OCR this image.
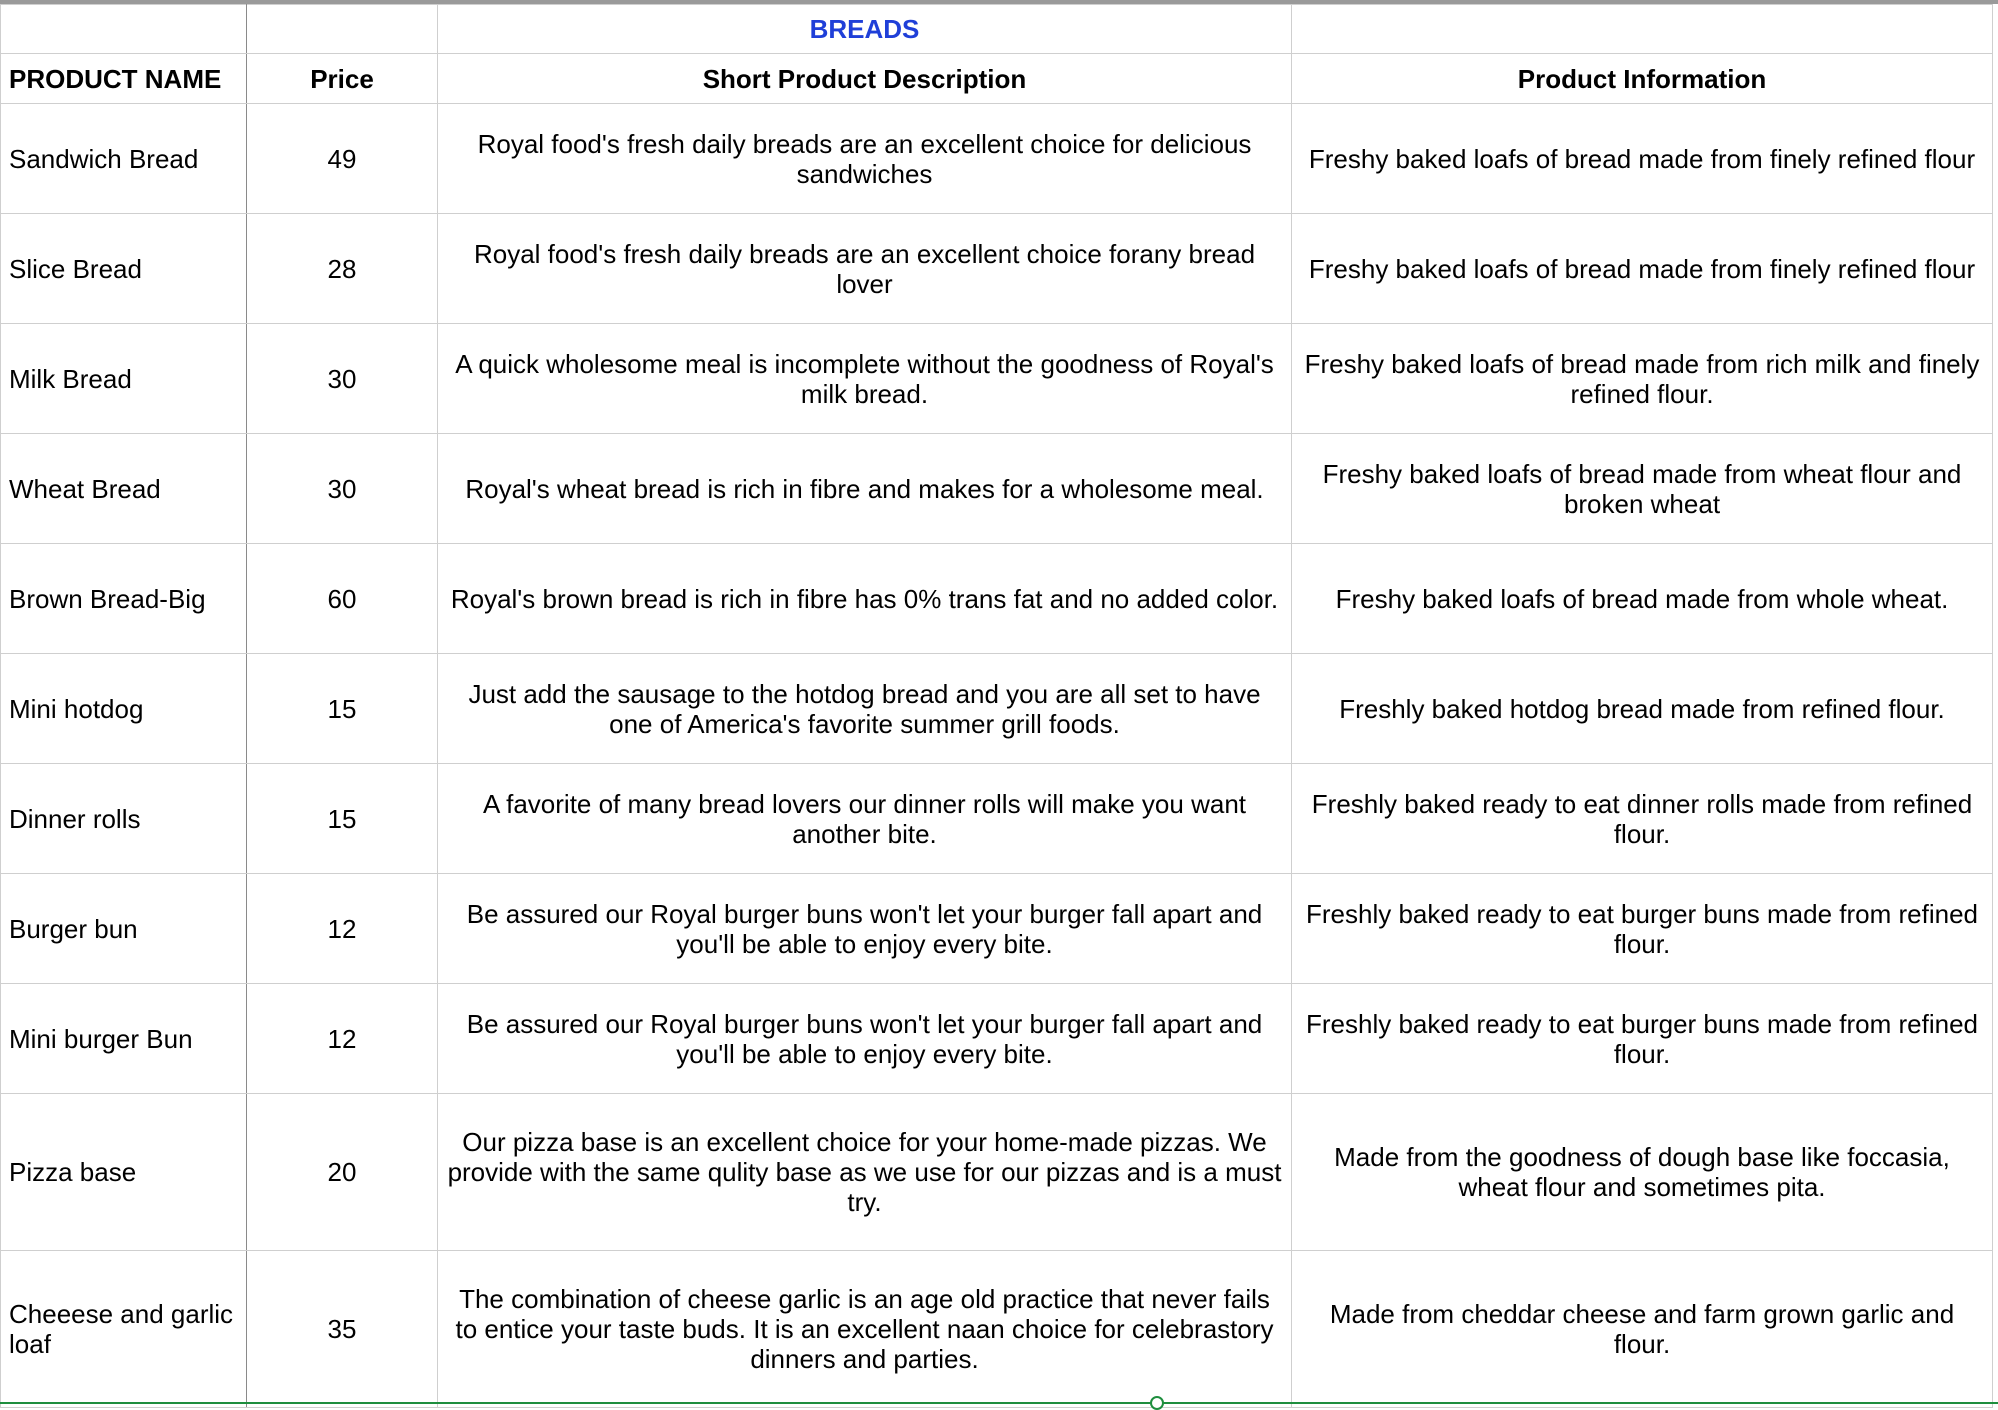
		BREADS	
PRODUCT NAME	Price	Short Product Description	Product Information
Sandwich Bread	49	Royal food's fresh daily breads are an excellent choice for delicious sandwiches	Freshy baked loafs of bread made from finely refined flour
Slice Bread	28	Royal food's fresh daily breads are an excellent choice forany bread lover	Freshy baked loafs of bread made from finely refined flour
Milk Bread	30	A quick wholesome meal is incomplete without the goodness of Royal's milk bread.	Freshy baked loafs of bread made from rich milk and finely refined flour.
Wheat Bread	30	Royal's wheat bread is rich in fibre and makes for a wholesome meal.	Freshy baked loafs of bread made from wheat flour and broken wheat
Brown Bread-Big	60	Royal's brown bread is rich in fibre has 0% trans fat and no added color.	Freshy baked loafs of bread made from whole wheat.
Mini hotdog	15	Just add the sausage to the hotdog bread and you are all set to have one of America's favorite summer grill foods.	Freshly baked hotdog bread made from refined flour.
Dinner rolls	15	A favorite of many bread lovers our dinner rolls will make you want another bite.	Freshly baked ready to eat dinner rolls made from refined flour.
Burger bun	12	Be assured our Royal burger buns won't let your burger fall apart and you'll be able to enjoy every bite.	Freshly baked ready to eat burger buns made from refined flour.
Mini burger Bun	12	Be assured our Royal burger buns won't let your burger fall apart and you'll be able to enjoy every bite.	Freshly baked ready to eat burger buns made from refined flour.
Pizza base	20	Our pizza base is an excellent choice for your home-made pizzas. We provide with the same qulity base as we use for our pizzas and is a must try.	Made from the goodness of dough base like foccasia, wheat flour and sometimes pita.
Cheeese and garlic loaf	35	The combination of cheese garlic is an age old practice that never fails to entice your taste buds. It is an excellent naan choice for celebrastory dinners and parties.	Made from cheddar cheese and farm grown garlic and flour.
